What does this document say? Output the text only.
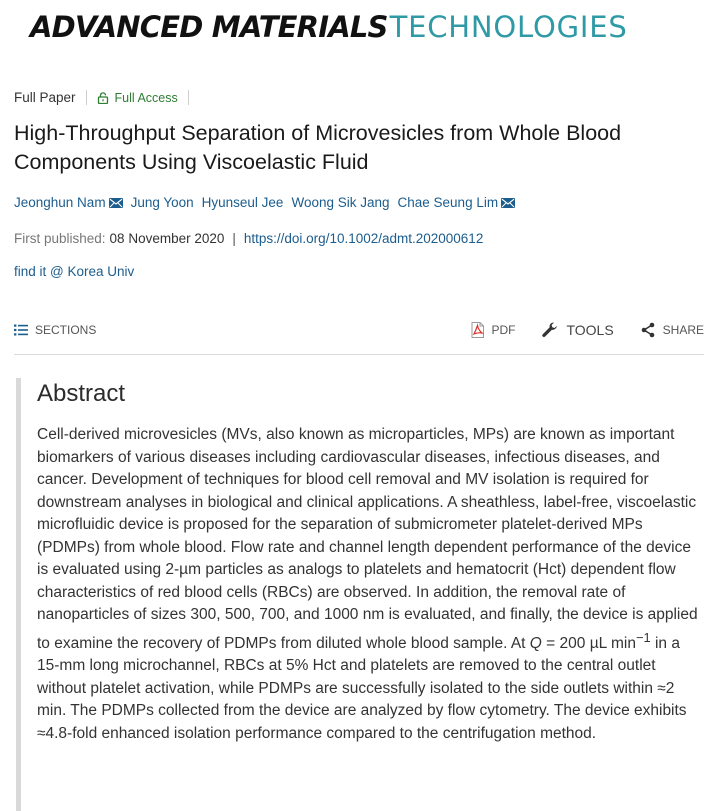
ADVANCED MATERIALS TECHNOLOGIES
Full Paper	Full Access
High-Throughput Separation of Microvesicles from Whole Blood Components Using Viscoelastic Fluid
Jeonghun Nam Jung Yoon Hyunseul Jee Woong Sik Jang Chae Seung Lim
First published: 08 November 2020 | https://doi.org/10.1002/admt.202000612
find it @ Korea Univ
SECTIONS	PDF	TOOLS	SHARE
Abstract

Cell-derived microvesicles (MVs, also known as microparticles, MPs) are known as important biomarkers of various diseases including cardiovascular diseases, infectious diseases, and cancer. Development of techniques for blood cell removal and MV isolation is required for downstream analyses in biological and clinical applications. A sheathless, label-free, viscoelastic microfluidic device is proposed for the separation of submicrometer platelet-derived MPs (PDMPs) from whole blood. Flow rate and channel length dependent performance of the device is evaluated using 2-µm particles as analogs to platelets and hematocrit (Hct) dependent flow characteristics of red blood cells (RBCs) are observed. In addition, the removal rate of nanoparticles of sizes 300, 500, 700, and 1000 nm is evaluated, and finally, the device is applied to examine the recovery of PDMPs from diluted whole blood sample. At Q = 200 µL $\min^{-1}$ in a 15-mm long microchannel, RBCs at 5% Hct and platelets are removed to the central outlet without platelet activation, while PDMPs are successfully isolated to the side outlets within ≈2 min. The PDMPs collected from the device are analyzed by flow cytometry. The device exhibits ≈4.8-fold enhanced isolation performance compared to the centrifugation method.
